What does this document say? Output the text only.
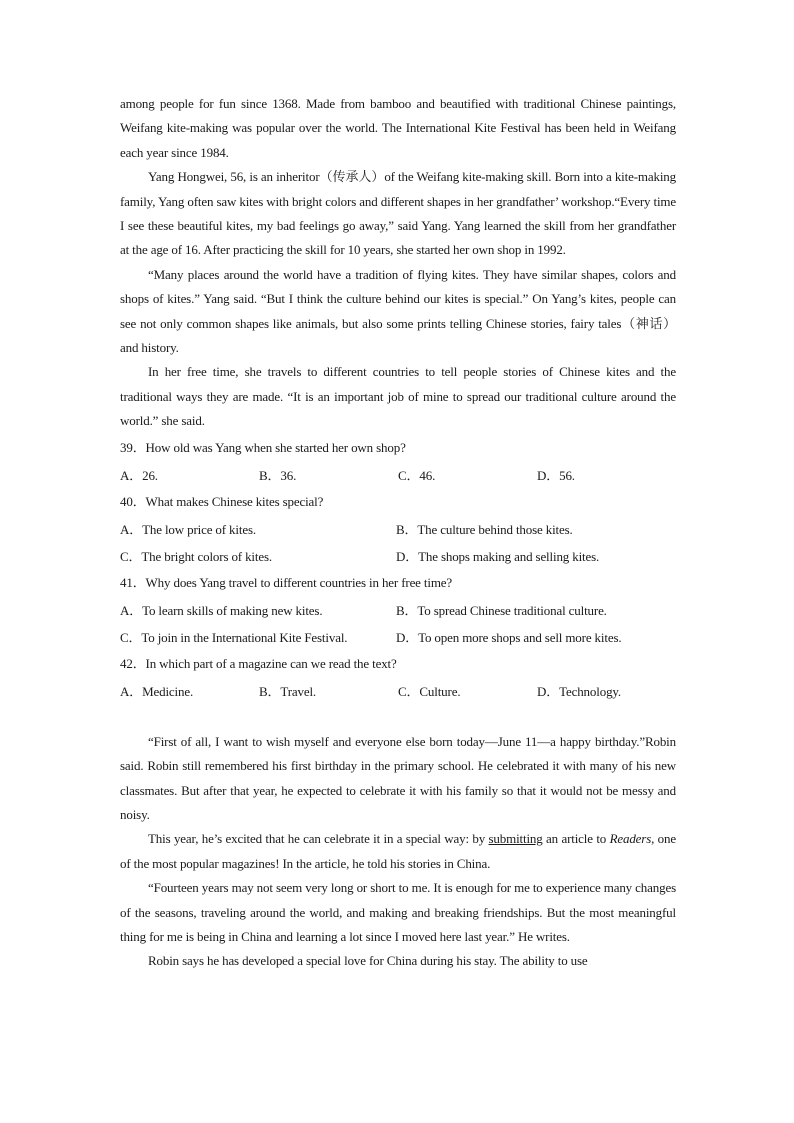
among people for fun since 1368. Made from bamboo and beautified with traditional Chinese paintings, Weifang kite-making was popular over the world. The International Kite Festival has been held in Weifang each year since 1984.

Yang Hongwei, 56, is an inheritor（传承人）of the Weifang kite-making skill. Born into a kite-making family, Yang often saw kites with bright colors and different shapes in her grandfather’ workshop.“Every time I see these beautiful kites, my bad feelings go away,” said Yang. Yang learned the skill from her grandfather at the age of 16. After practicing the skill for 10 years, she started her own shop in 1992.

“Many places around the world have a tradition of flying kites. They have similar shapes, colors and shops of kites.” Yang said. “But I think the culture behind our kites is special.” On Yang’s kites, people can see not only common shapes like animals, but also some prints telling Chinese stories, fairy tales（神话）and history.

In her free time, she travels to different countries to tell people stories of Chinese kites and the traditional ways they are made. “It is an important job of mine to spread our traditional culture around the world.” she said.

39．How old was Yang when she started her own shop?

A．26.	B．36.	C．46.	D．56.

40．What makes Chinese kites special?

A．The low price of kites.	B．The culture behind those kites.
C．The bright colors of kites.	D．The shops making and selling kites.

41．Why does Yang travel to different countries in her free time?

A．To learn skills of making new kites.	B．To spread Chinese traditional culture.
C．To join in the International Kite Festival.	D．To open more shops and sell more kites.

42．In which part of a magazine can we read the text?

A．Medicine.	B．Travel.	C．Culture.	D．Technology.

“First of all, I want to wish myself and everyone else born today—June 11—a happy birthday.”Robin said. Robin still remembered his first birthday in the primary school. He celebrated it with many of his new classmates. But after that year, he expected to celebrate it with his family so that it would not be messy and noisy.

This year, he’s excited that he can celebrate it in a special way: by submitting an article to Readers, one of the most popular magazines! In the article, he told his stories in China.

“Fourteen years may not seem very long or short to me. It is enough for me to experience many changes of the seasons, traveling around the world, and making and breaking friendships. But the most meaningful thing for me is being in China and learning a lot since I moved here last year.” He writes.

Robin says he has developed a special love for China during his stay. The ability to use
